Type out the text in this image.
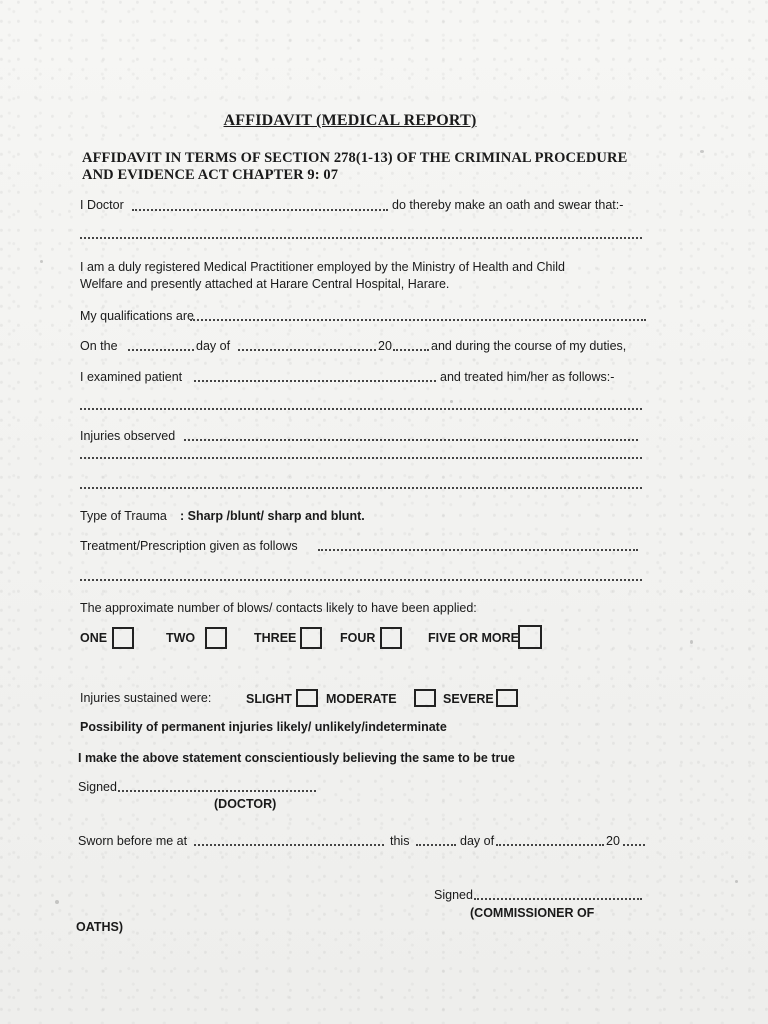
AFFIDAVIT (MEDICAL REPORT)
AFFIDAVIT IN TERMS OF SECTION 278(1-13) OF THE CRIMINAL PROCEDURE
AND EVIDENCE ACT CHAPTER 9: 07
I Doctor	do thereby make an oath and swear that:-
I am a duly registered Medical Practitioner employed by the Ministry of Health and Child
Welfare and presently attached at Harare Central Hospital, Harare.
My qualifications are
On the	day of	20	and during the course of my duties,
I examined patient	and treated him/her as follows:-
Injuries observed
Type of Trauma : Sharp /blunt/ sharp and blunt.
Treatment/Prescription given as follows
The approximate number of blows/ contacts likely to have been applied:
ONE	TWO	THREE	FOUR	FIVE OR MORE
Injuries sustained were:	SLIGHT	MODERATE	SEVERE
Possibility of permanent injuries likely/ unlikely/indeterminate
I make the above statement conscientiously believing the same to be true
Signed
(DOCTOR)
Sworn before me at	this	day of	20
Signed
(COMMISSIONER OF
OATHS)
